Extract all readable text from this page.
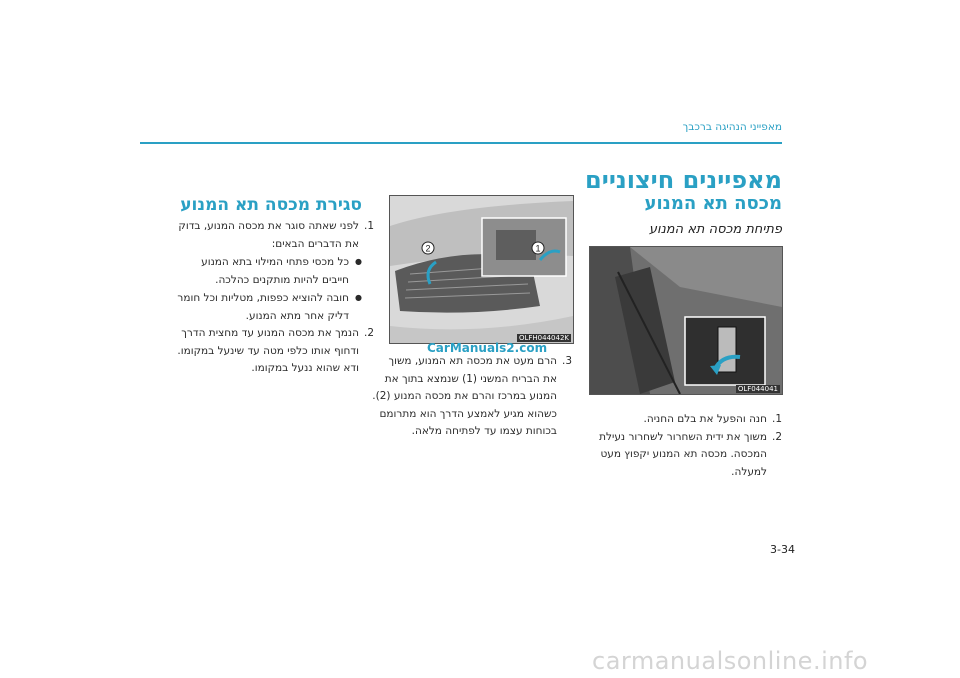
מאפייני הנהיגה ברכבך
מאפיינים חיצוניים
מכסה תא המנוע
פתיחת מכסה תא המנוע
OLF044041
1.חנה והפעל את בלם החניה.
2.משוך את ידית השחרור לשחרור נעילת
המכסה. מכסה תא המנוע יקפוץ מעט
למעלה.
1
2
OLFH044042K
CarManuals2.com
3.הרם מעט את מכסה תא המנוע, משוך
את הבריח המשני (1) שנמצא בתוך את
המנוע במרכז והרם את מכסה המנוע (2).
כשהוא מגיע לאמצע הדרך הוא מתרומם
בכוחות עצמו עד לפתיחה מלאה.
סגירת מכסה תא המנוע
1.לפני שאתה סוגר את מכסה המנוע, בדוק
את הדברים הבאים:
●כל מכסי פתחי המילוי בתא המנוע
חייבים להיות מותקנים כהלכה.
●חובה להוציא כפפות, מטליות וכל חומר
דליק אחר מתא המנוע.
2.הנמך את מכסה המנוע עד מחצית הדרך
ודחוף אותו כלפי מטה עד שינעל במקומו.
ודא שהוא ננעל במקומו.
3-34
carmanualsonline.info
